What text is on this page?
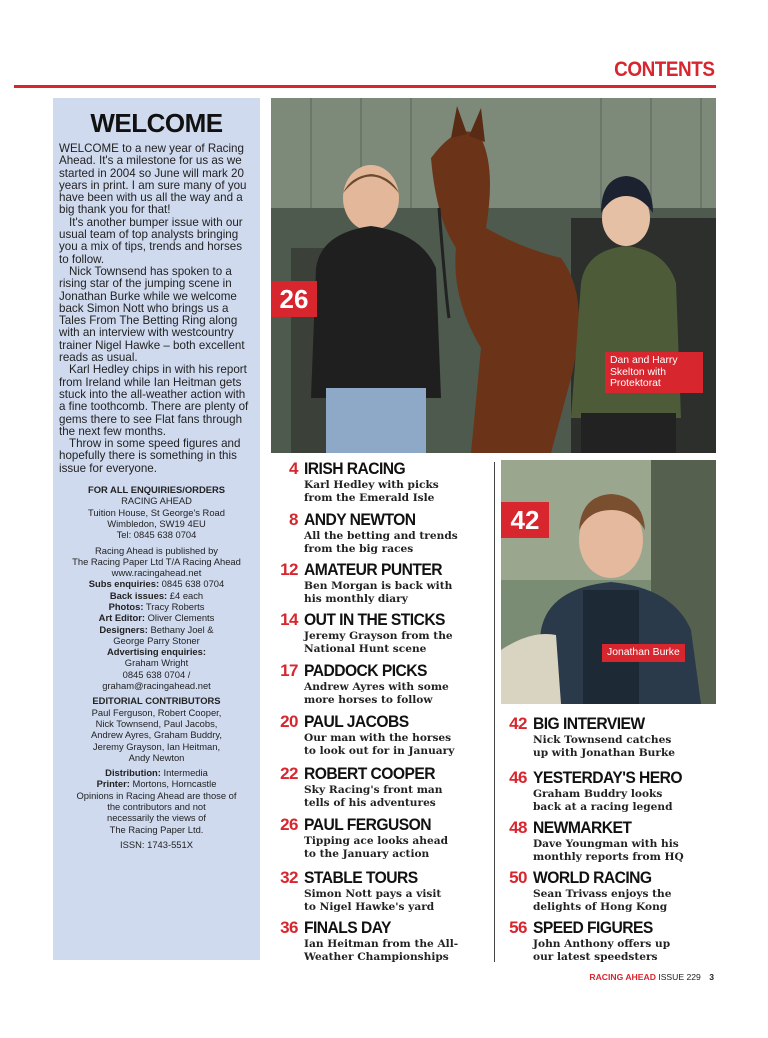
CONTENTS
WELCOME

WELCOME to a new year of Racing Ahead. It's a milestone for us as we started in 2004 so June will mark 20 years in print. I am sure many of you have been with us all the way and a big thank you for that!

It's another bumper issue with our usual team of top analysts bringing you a mix of tips, trends and horses to follow.

Nick Townsend has spoken to a rising star of the jumping scene in Jonathan Burke while we welcome back Simon Nott who brings us a Tales From The Betting Ring along with an interview with westcountry trainer Nigel Hawke – both excellent reads as usual.

Karl Hedley chips in with his report from Ireland while Ian Heitman gets stuck into the all-weather action with a fine toothcomb. There are plenty of gems there to see Flat fans through the next few months.

Throw in some speed figures and hopefully there is something in this issue for everyone.

FOR ALL ENQUIRIES/ORDERS
RACING AHEAD
Tuition House, St George's Road
Wimbledon, SW19 4EU
Tel: 0845 638 0704
Racing Ahead is published by
The Racing Paper Ltd T/A Racing Ahead
www.racingahead.net
Subs enquiries: 0845 638 0704
Back issues: £4 each
Photos: Tracy Roberts
Art Editor: Oliver Clements
Designers: Bethany Joel &
George Parry Stoner
Advertising enquiries:
Graham Wright
0845 638 0704 /
graham@racingahead.net
EDITORIAL CONTRIBUTORS
Paul Ferguson, Robert Cooper,
Nick Townsend, Paul Jacobs,
Andrew Ayres, Graham Buddry,
Jeremy Grayson, Ian Heitman,
Andy Newton
Distribution: Intermedia
Printer: Mortons, Horncastle
Opinions in Racing Ahead are those of
the contributors and not
necessarily the views of
The Racing Paper Ltd.
ISSN: 1743-551X
26
Dan and Harry
Skelton with
Protektorat
42
Jonathan Burke
4 IRISH RACING
Karl Hedley with picks
from the Emerald Isle
8 ANDY NEWTON
All the betting and trends
from the big races
12 AMATEUR PUNTER
Ben Morgan is back with
his monthly diary
14 OUT IN THE STICKS
Jeremy Grayson from the
National Hunt scene
17 PADDOCK PICKS
Andrew Ayres with some
more horses to follow
20 PAUL JACOBS
Our man with the horses
to look out for in January
22 ROBERT COOPER
Sky Racing's front man
tells of his adventures
26 PAUL FERGUSON
Tipping ace looks ahead
to the January action
32 STABLE TOURS
Simon Nott pays a visit
to Nigel Hawke's yard
36 FINALS DAY
Ian Heitman from the All-
Weather Championships
42 BIG INTERVIEW
Nick Townsend catches
up with Jonathan Burke
46 YESTERDAY'S HERO
Graham Buddry looks
back at a racing legend
48 NEWMARKET
Dave Youngman with his
monthly reports from HQ
50 WORLD RACING
Sean Trivass enjoys the
delights of Hong Kong
56 SPEED FIGURES
John Anthony offers up
our latest speedsters
RACING AHEAD ISSUE 229 3
